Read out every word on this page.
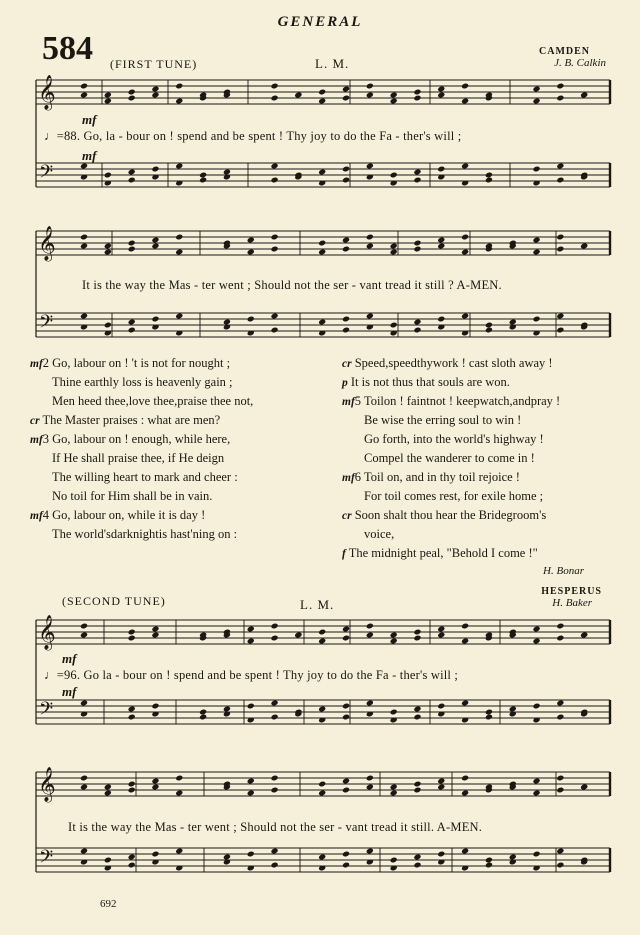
GENERAL
584 (FIRST TUNE)	L. M.
CAMDEN
J. B. Calkin
𝄞
𝄢
𝄞
𝄢
𝄞
𝄢
𝄞
𝄢
mf
mf
♩=88. Go, la - bour on ! spend and be spent ! Thy joy to do the Fa - ther's will ;
It is the way the Mas - ter went ; Should not the ser - vant tread it still ? A-MEN.
mf2 Go, labour on ! 't is not for nought ;
Thine earthly loss is heavenly gain ;
Men heed thee,love thee,praise thee not,
cr The Master praises : what are men?
mf3 Go, labour on ! enough, while here,
If He shall praise thee, if He deign
The willing heart to mark and cheer :
No toil for Him shall be in vain.
mf4 Go, labour on, while it is day !
The world'sdarknightis hast'ning on :
cr Speed,speedthywork ! cast sloth away !
p It is not thus that souls are won.
mf5 Toilon ! faintnot ! keepwatch,andpray !
Be wise the erring soul to win !
Go forth, into the world's highway !
Compel the wanderer to come in !
mf6 Toil on, and in thy toil rejoice !
For toil comes rest, for exile home ;
cr Soon shalt thou hear the Bridegroom's
voice,
f The midnight peal, "Behold I come !"
H. Bonar
(SECOND TUNE)	L. M.
HESPERUS
H. Baker
mf
mf
♩=96. Go la - bour on ! spend and be spent ! Thy joy to do the Fa - ther's will ;
It is the way the Mas - ter went ; Should not the ser - vant tread it still. A-MEN.
692
